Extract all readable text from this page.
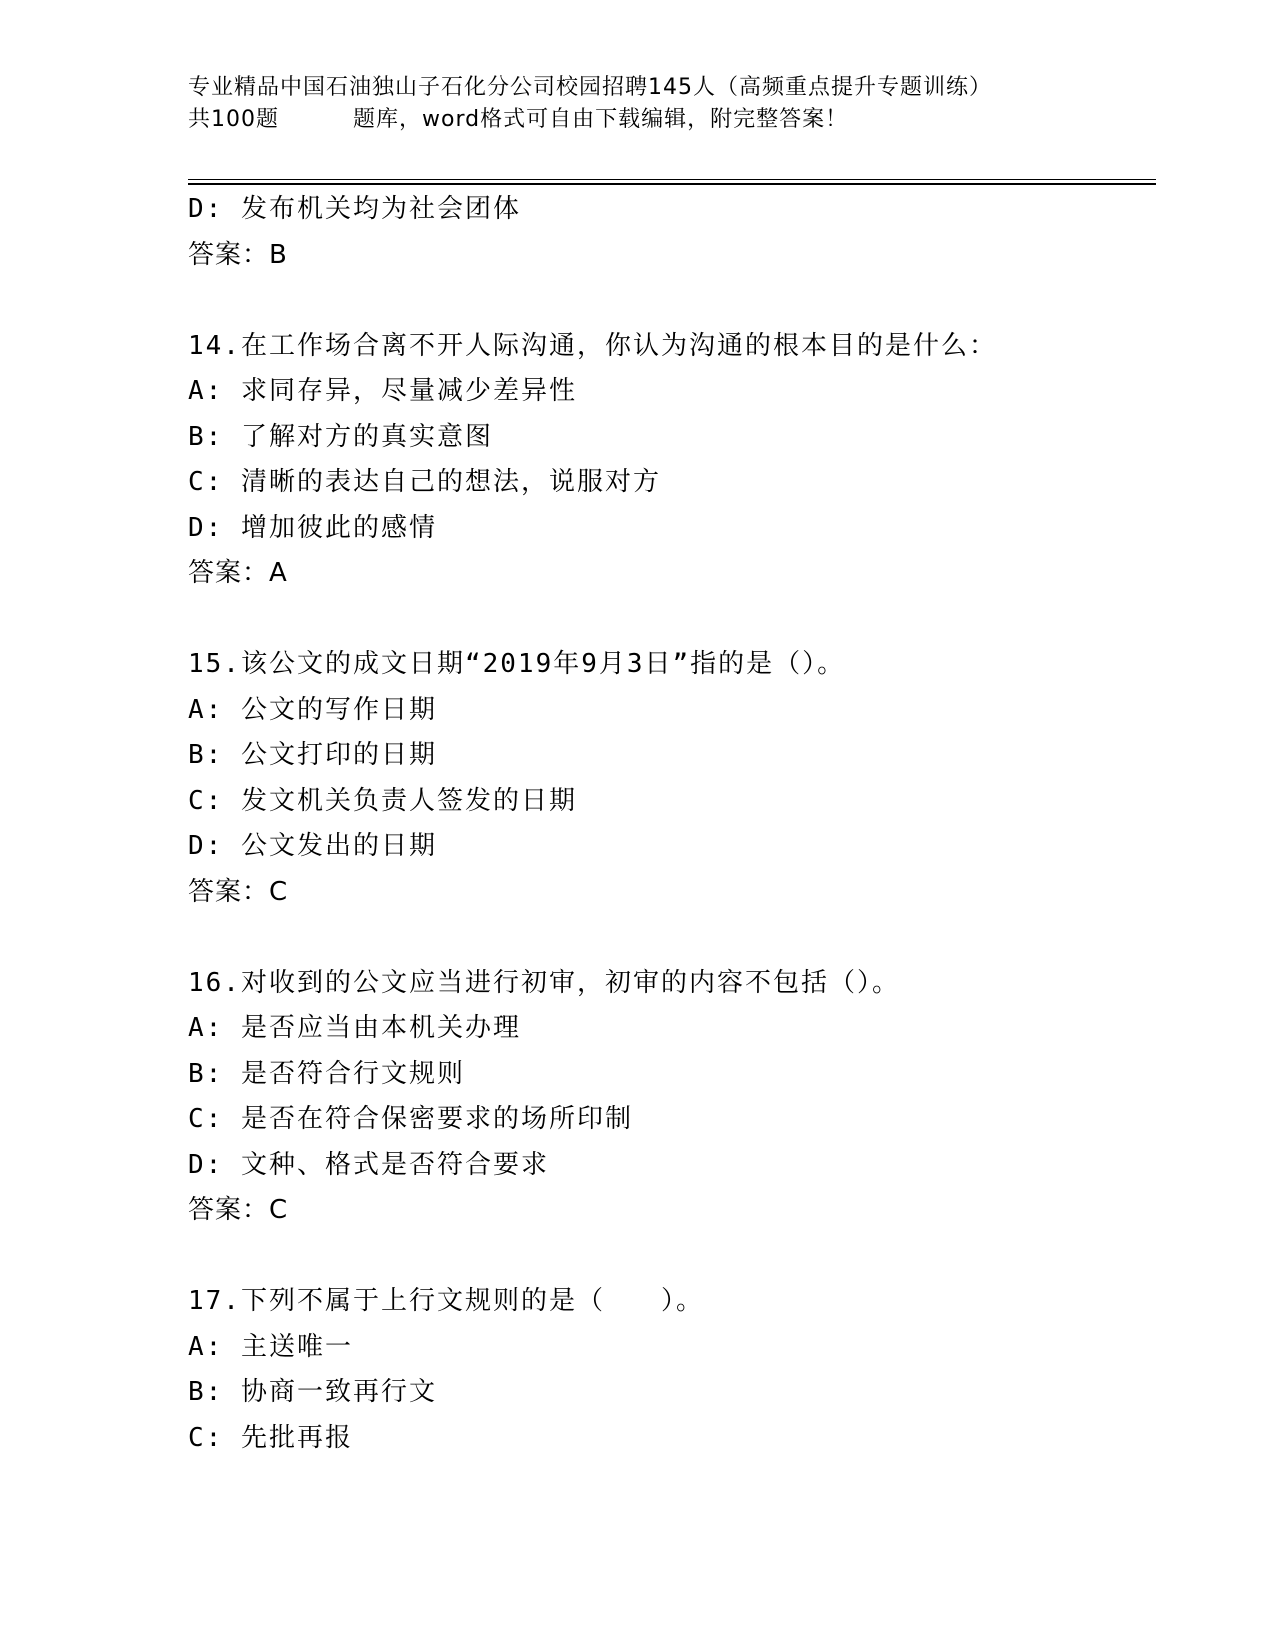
专业精品中国石油独山子石化分公司校园招聘145人（高频重点提升专题训练）
共100题	题库，word格式可自由下载编辑，附完整答案！
D: 发布机关均为社会团体
答案：B
14.在工作场合离不开人际沟通，你认为沟通的根本目的是什么：
A: 求同存异，尽量减少差异性
B: 了解对方的真实意图
C: 清晰的表达自己的想法，说服对方
D: 增加彼此的感情
答案：A
15.该公文的成文日期“2019年9月3日”指的是（）。
A: 公文的写作日期
B: 公文打印的日期
C: 发文机关负责人签发的日期
D: 公文发出的日期
答案：C
16.对收到的公文应当进行初审，初审的内容不包括（）。
A: 是否应当由本机关办理
B: 是否符合行文规则
C: 是否在符合保密要求的场所印制
D: 文种、格式是否符合要求
答案：C
17.下列不属于上行文规则的是（　　）。
A: 主送唯一
B: 协商一致再行文
C: 先批再报
